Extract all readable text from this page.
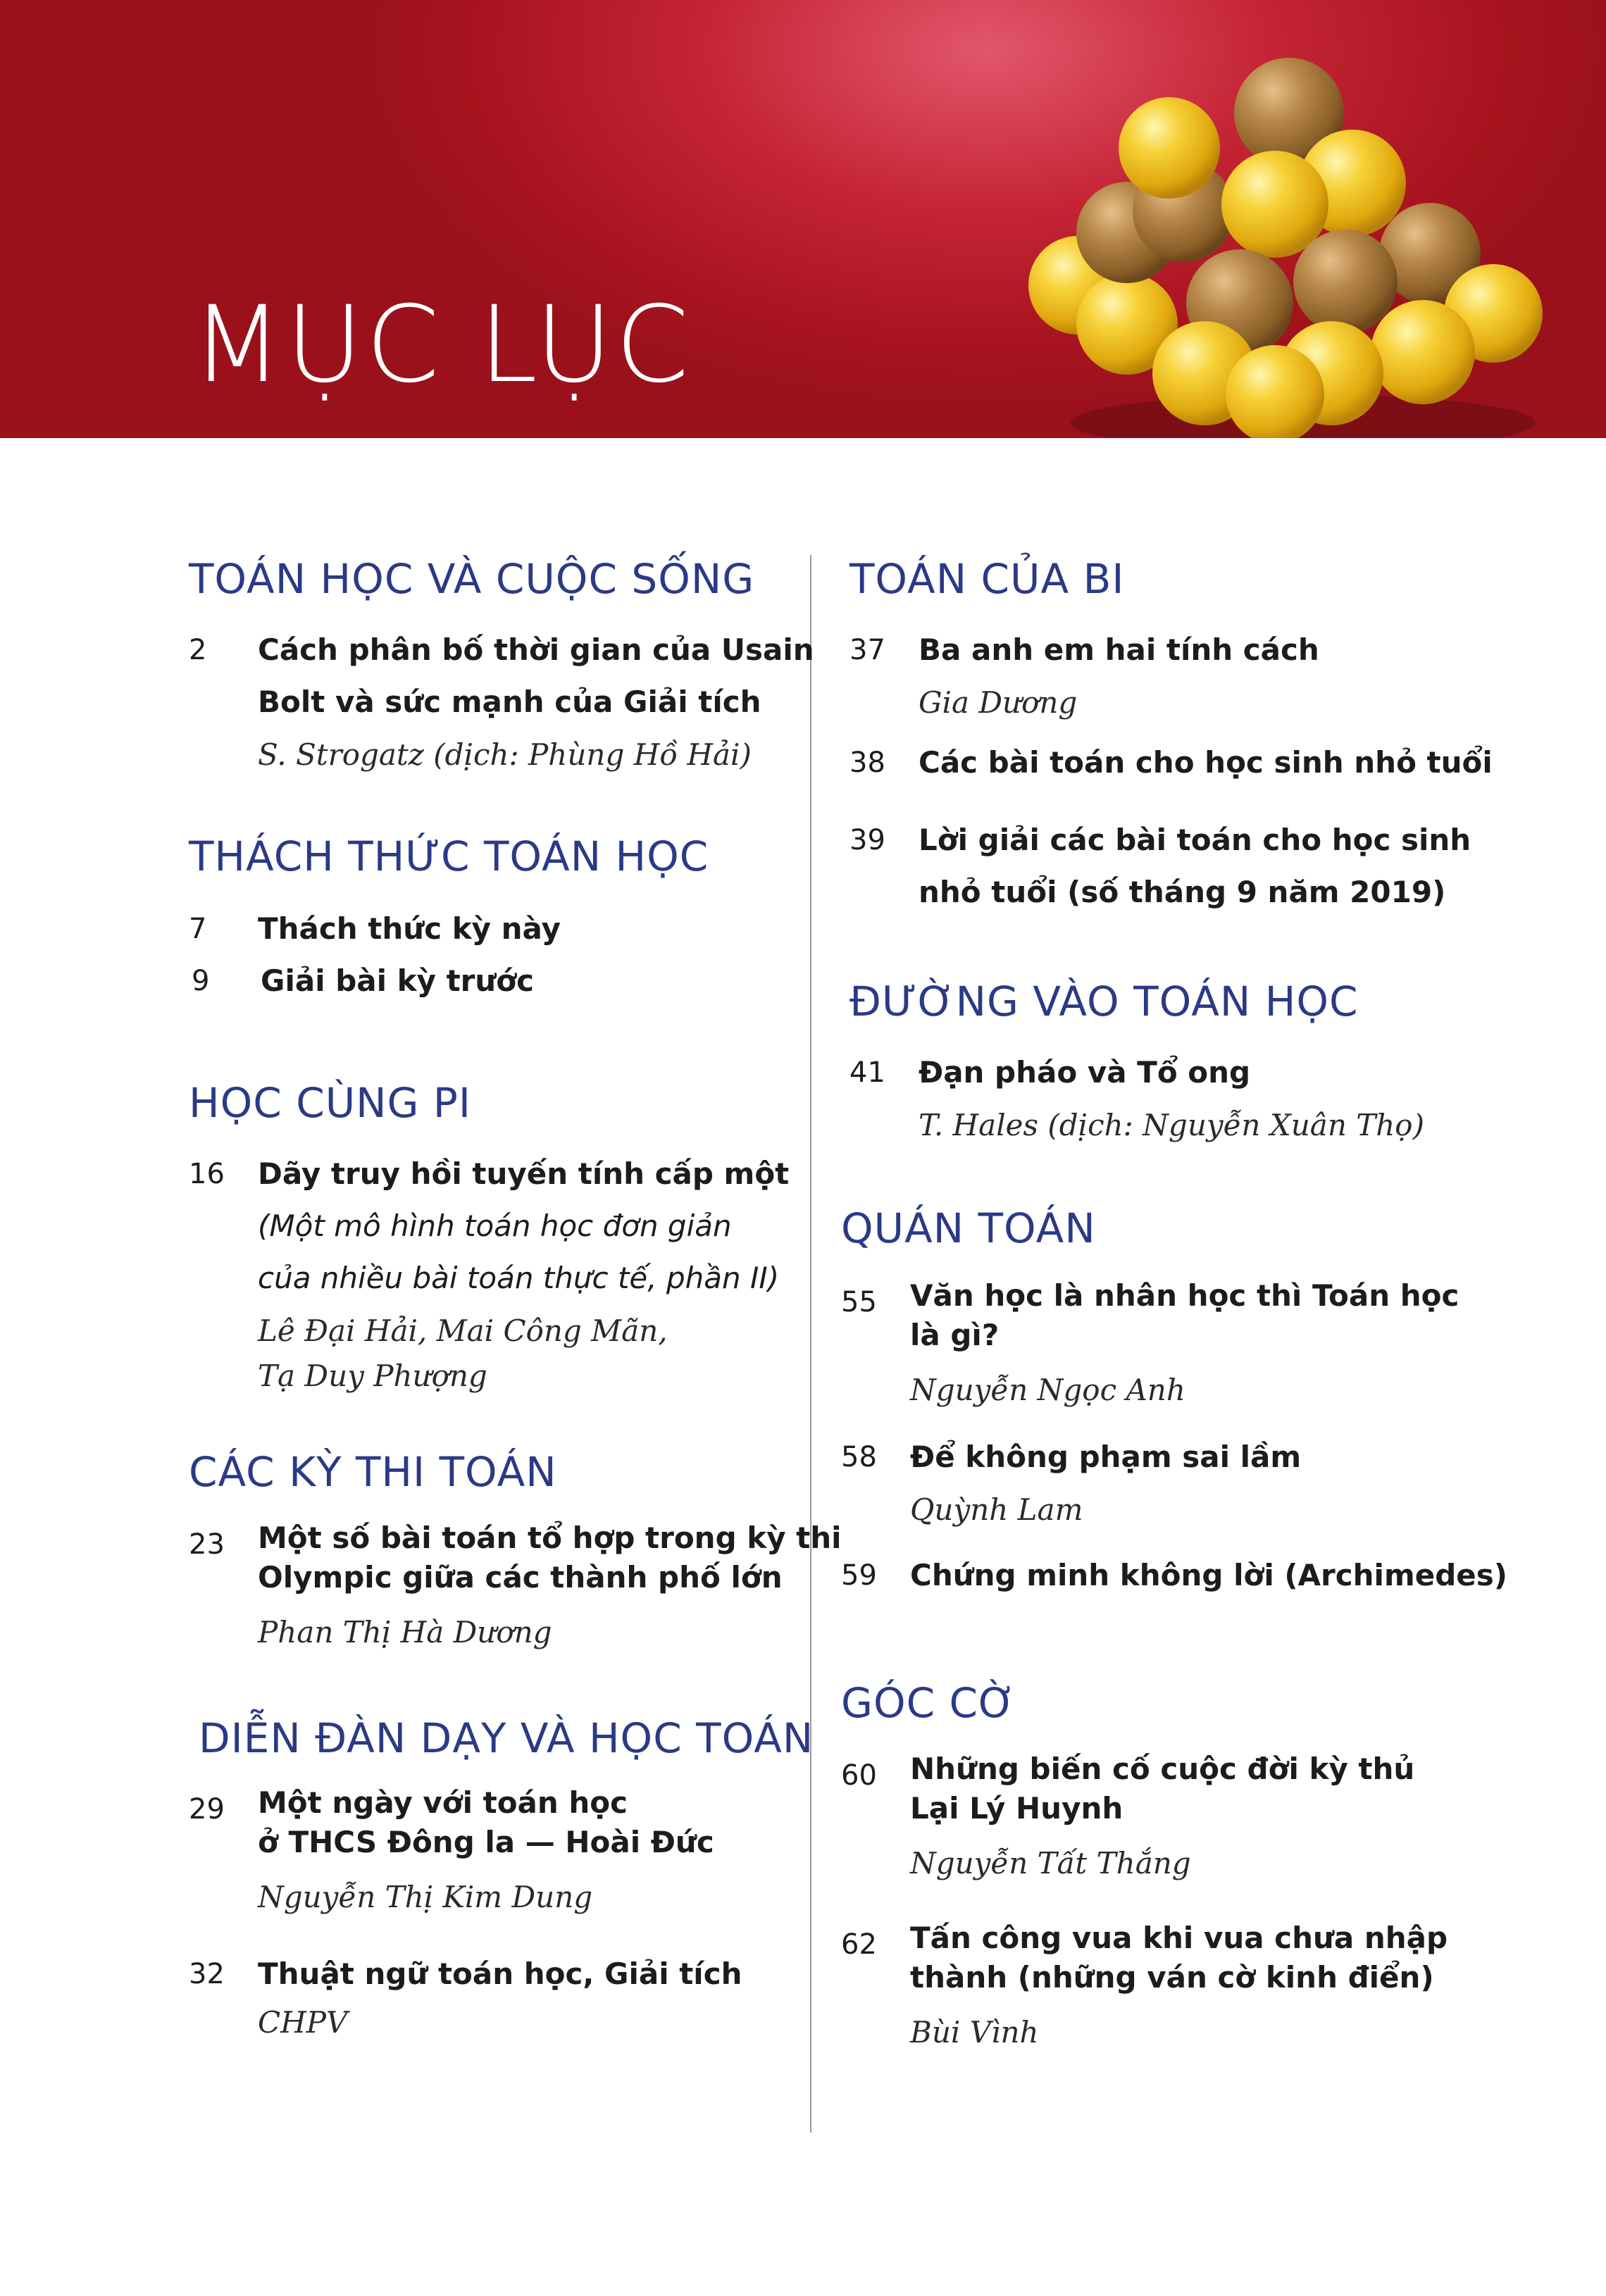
MỤC LỤC
TOÁN HỌC VÀ CUỘC SỐNG
2 Cách phân bố thời gian của Usain
Bolt và sức mạnh của Giải tích
S. Strogatz (dịch: Phùng Hồ Hải)
THÁCH THỨC TOÁN HỌC
7 Thách thức kỳ này
9 Giải bài kỳ trước
HỌC CÙNG PI
16 Dãy truy hồi tuyến tính cấp một
(Một mô hình toán học đơn giản
của nhiều bài toán thực tế, phần II)
Lê Đại Hải, Mai Công Mãn,
Tạ Duy Phượng
CÁC KỲ THI TOÁN
23 Một số bài toán tổ hợp trong kỳ thi
Olympic giữa các thành phố lớn
Phan Thị Hà Dương
DIỄN ĐÀN DẠY VÀ HỌC TOÁN
29 Một ngày với toán học
ở THCS Đông la — Hoài Đức
Nguyễn Thị Kim Dung
32 Thuật ngữ toán học, Giải tích
CHPV
TOÁN CỦA BI
37 Ba anh em hai tính cách
Gia Dương
38 Các bài toán cho học sinh nhỏ tuổi
39 Lời giải các bài toán cho học sinh
nhỏ tuổi (số tháng 9 năm 2019)
ĐƯỜNG VÀO TOÁN HỌC
41 Đạn pháo và Tổ ong
T. Hales (dịch: Nguyễn Xuân Thọ)
QUÁN TOÁN
55 Văn học là nhân học thì Toán học
là gì?
Nguyễn Ngọc Anh
58 Để không phạm sai lầm
Quỳnh Lam
59 Chứng minh không lời (Archimedes)
GÓC CỜ
60 Những biến cố cuộc đời kỳ thủ
Lại Lý Huynh
Nguyễn Tất Thắng
62 Tấn công vua khi vua chưa nhập
thành (những ván cờ kinh điển)
Bùi Vình
